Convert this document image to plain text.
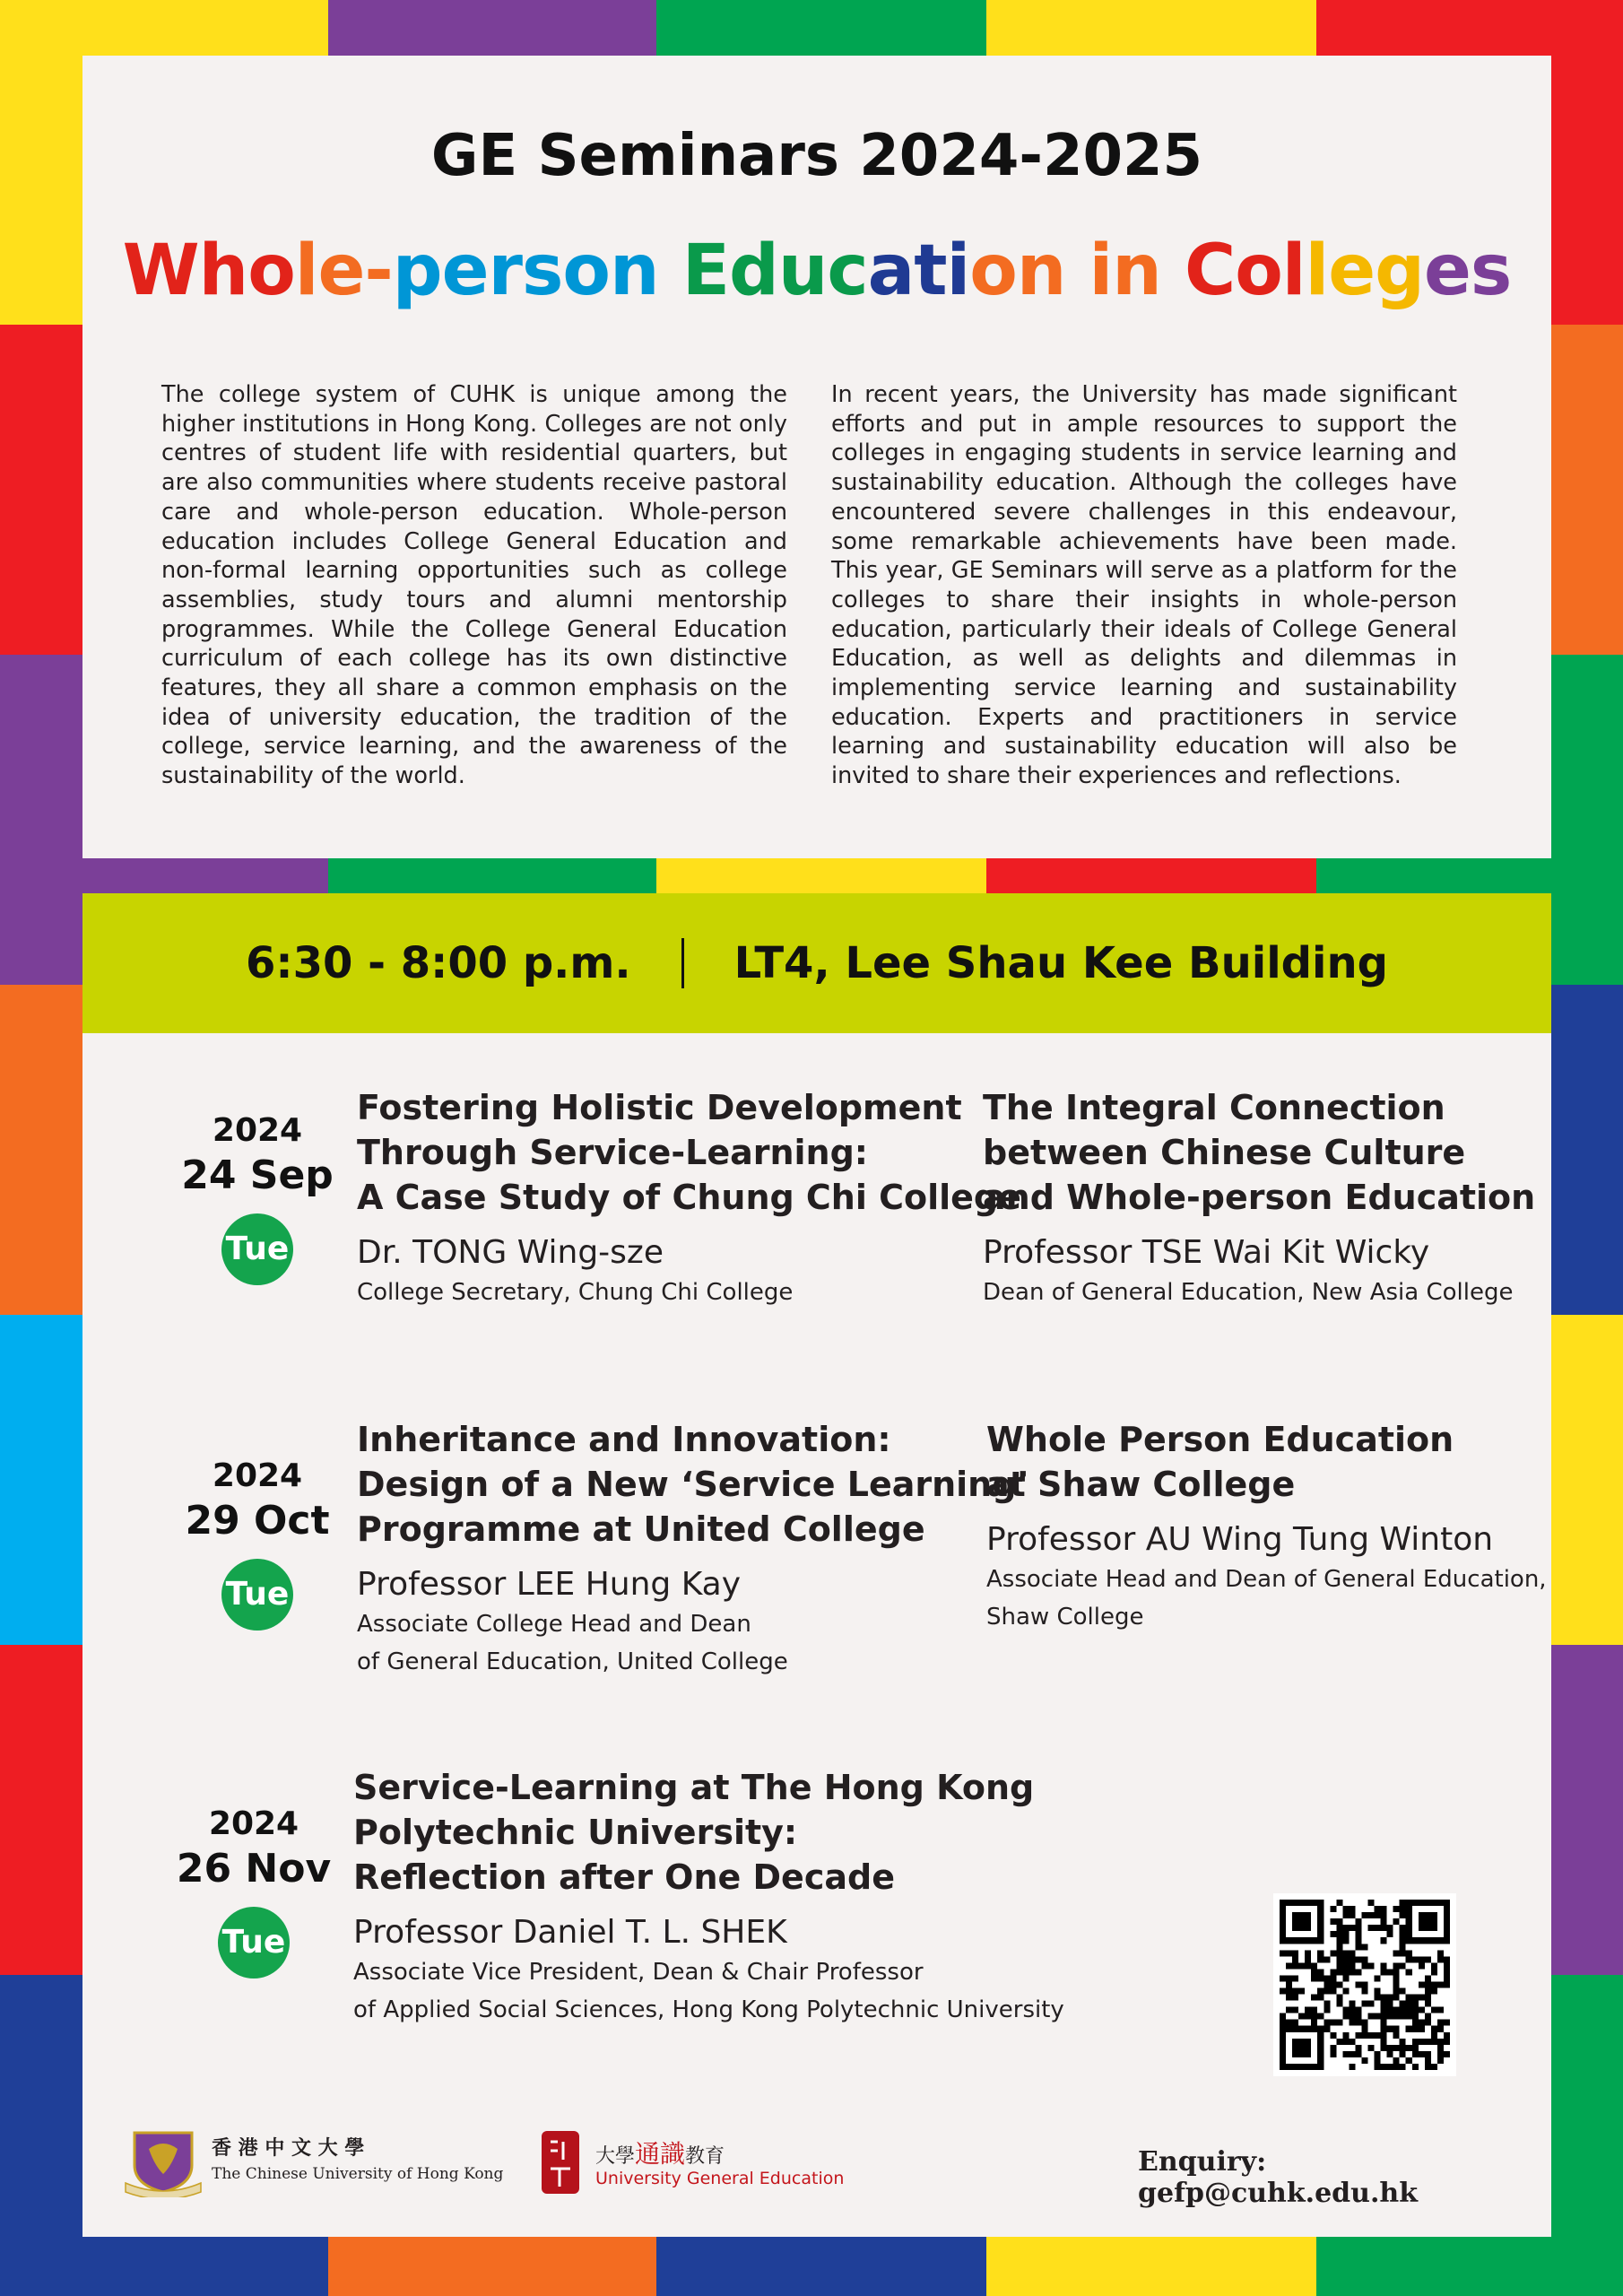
GE Seminars 2024-2025
Whole-person Education in Colleges
The college system of CUHK is unique among the higher institutions in Hong Kong. Colleges are not only centres of student life with residential quarters, but are also communities where students receive pastoral care and whole-person education. Whole-person education includes College General Education and non-formal learning opportunities such as college assemblies, study tours and alumni mentorship programmes. While the College General Education curriculum of each college has its own distinctive features, they all share a common emphasis on the idea of university education, the tradition of the college, service learning, and the awareness of the sustainability of the world.
In recent years, the University has made significant efforts and put in ample resources to support the colleges in engaging students in service learning and sustainability education. Although the colleges have encountered severe challenges in this endeavour, some remarkable achievements have been made. This year, GE Seminars will serve as a platform for the colleges to share their insights in whole-person education, particularly their ideals of College General Education, as well as delights and dilemmas in implementing service learning and sustainability education. Experts and practitioners in service learning and sustainability education will also be invited to share their experiences and reflections.
6:30 - 8:00 p.m. LT4, Lee Shau Kee Building
2024
24 Sep
Tue
Fostering Holistic Development
Through Service-Learning:
A Case Study of Chung Chi College
Dr. TONG Wing-sze
College Secretary, Chung Chi College
The Integral Connection
between Chinese Culture
and Whole-person Education
Professor TSE Wai Kit Wicky
Dean of General Education, New Asia College
2024
29 Oct
Tue
Inheritance and Innovation:
Design of a New ‘Service Learning’
Programme at United College
Professor LEE Hung Kay
Associate College Head and Dean
of General Education, United College
Whole Person Education
at Shaw College
Professor AU Wing Tung Winton
Associate Head and Dean of General Education,
Shaw College
2024
26 Nov
Tue
Service-Learning at The Hong Kong
Polytechnic University:
Reflection after One Decade
Professor Daniel T. L. SHEK
Associate Vice President, Dean & Chair Professor
of Applied Social Sciences, Hong Kong Polytechnic University
香 港 中 文 大 學
The Chinese University of Hong Kong
大學通識教育
University General Education
Enquiry: gefp@cuhk.edu.hk
